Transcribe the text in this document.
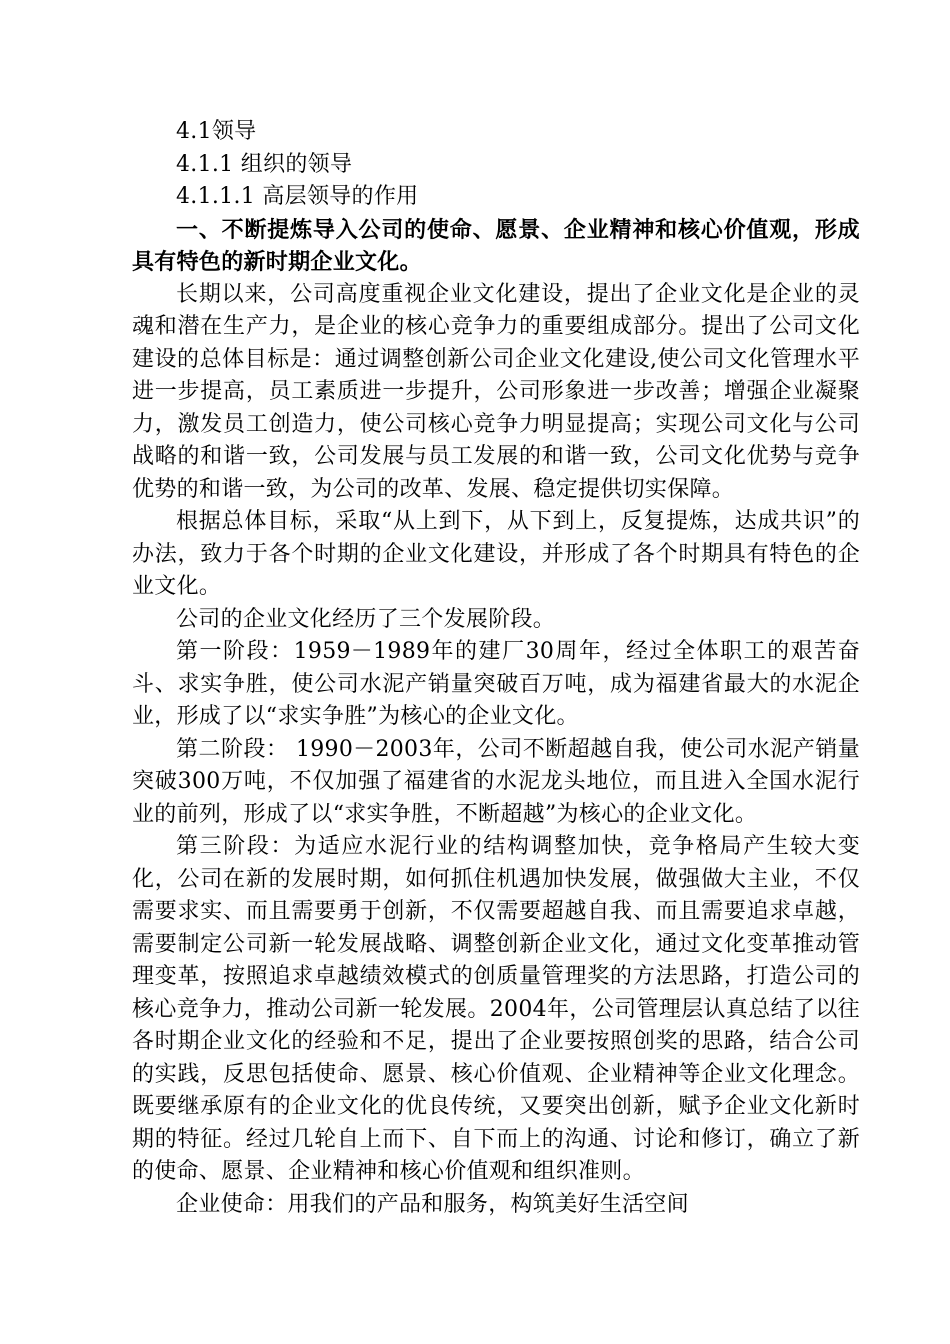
4.1领导
4.1.1 组织的领导
4.1.1.1 高层领导的作用
一、不断提炼导入公司的使命、愿景、企业精神和核心价值观，形成具有特色的新时期企业文化。
长期以来，公司高度重视企业文化建设，提出了企业文化是企业的灵魂和潜在生产力，是企业的核心竞争力的重要组成部分。提出了公司文化建设的总体目标是：通过调整创新公司企业文化建设,使公司文化管理水平进一步提高，员工素质进一步提升，公司形象进一步改善；增强企业凝聚力，激发员工创造力，使公司核心竞争力明显提高；实现公司文化与公司战略的和谐一致，公司发展与员工发展的和谐一致，公司文化优势与竞争优势的和谐一致，为公司的改革、发展、稳定提供切实保障。
根据总体目标，采取“从上到下，从下到上，反复提炼，达成共识”的办法，致力于各个时期的企业文化建设，并形成了各个时期具有特色的企业文化。
公司的企业文化经历了三个发展阶段。
第一阶段：1959－1989年的建厂30周年，经过全体职工的艰苦奋斗、求实争胜，使公司水泥产销量突破百万吨，成为福建省最大的水泥企业，形成了以“求实争胜”为核心的企业文化。
第二阶段： 1990－2003年，公司不断超越自我，使公司水泥产销量突破300万吨，不仅加强了福建省的水泥龙头地位，而且进入全国水泥行业的前列，形成了以“求实争胜，不断超越”为核心的企业文化。
第三阶段：为适应水泥行业的结构调整加快，竞争格局产生较大变化，公司在新的发展时期，如何抓住机遇加快发展，做强做大主业，不仅需要求实、而且需要勇于创新，不仅需要超越自我、而且需要追求卓越，需要制定公司新一轮发展战略、调整创新企业文化，通过文化变革推动管理变革，按照追求卓越绩效模式的创质量管理奖的方法思路，打造公司的核心竞争力，推动公司新一轮发展。2004年，公司管理层认真总结了以往各时期企业文化的经验和不足，提出了企业要按照创奖的思路，结合公司的实践，反思包括使命、愿景、核心价值观、企业精神等企业文化理念。既要继承原有的企业文化的优良传统，又要突出创新，赋予企业文化新时期的特征。经过几轮自上而下、自下而上的沟通、讨论和修订，确立了新的使命、愿景、企业精神和核心价值观和组织准则。
企业使命：用我们的产品和服务，构筑美好生活空间
